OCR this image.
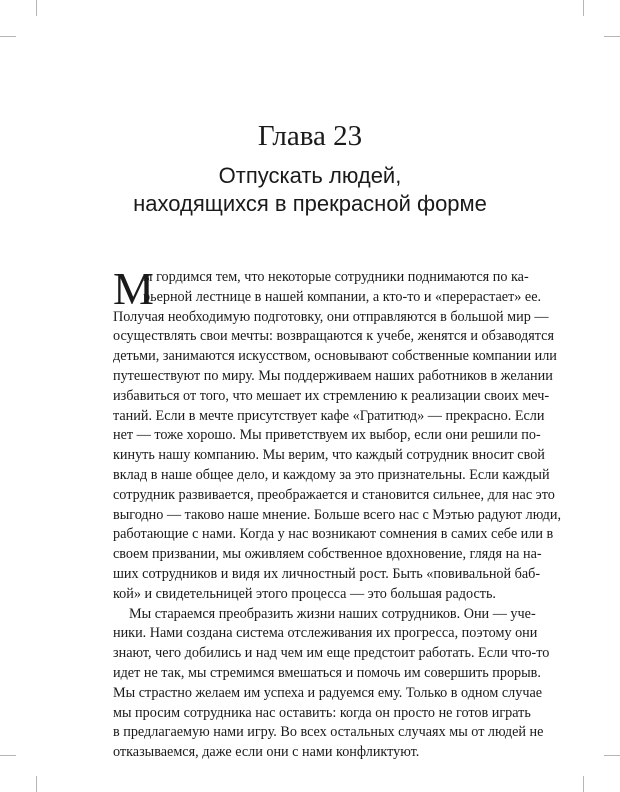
Глава 23
Отпускать людей,
находящихся в прекрасной форме
М
ы гордимся тем, что некоторые сотрудники поднимаются по ка-
рьерной лестнице в нашей компании, а кто-то и «перерастает» ее.
Получая необходимую подготовку, они отправляются в большой мир —
осуществлять свои мечты: возвращаются к учебе, женятся и обзаводятся
детьми, занимаются искусством, основывают собственные компании или
путешествуют по миру. Мы поддерживаем наших работников в желании
избавиться от того, что мешает их стремлению к реализации своих меч-
таний. Если в мечте присутствует кафе «Гратитюд» — прекрасно. Если
нет — тоже хорошо. Мы приветствуем их выбор, если они решили по-
кинуть нашу компанию. Мы верим, что каждый сотрудник вносит свой
вклад в наше общее дело, и каждому за это признательны. Если каждый
сотрудник развивается, преображается и становится сильнее, для нас это
выгодно — таково наше мнение. Больше всего нас с Мэтью радуют люди,
работающие с нами. Когда у нас возникают сомнения в самих себе или в
своем призвании, мы оживляем собственное вдохновение, глядя на на-
ших сотрудников и видя их личностный рост. Быть «повивальной баб-
кой» и свидетельницей этого процесса — это большая радость.
Мы стараемся преобразить жизни наших сотрудников. Они — уче-
ники. Нами создана система отслеживания их прогресса, поэтому они
знают, чего добились и над чем им еще предстоит работать. Если что-то
идет не так, мы стремимся вмешаться и помочь им совершить прорыв.
Мы страстно желаем им успеха и радуемся ему. Только в одном случае
мы просим сотрудника нас оставить: когда он просто не готов играть
в предлагаемую нами игру. Во всех остальных случаях мы от людей не
отказываемся, даже если они с нами конфликтуют.
